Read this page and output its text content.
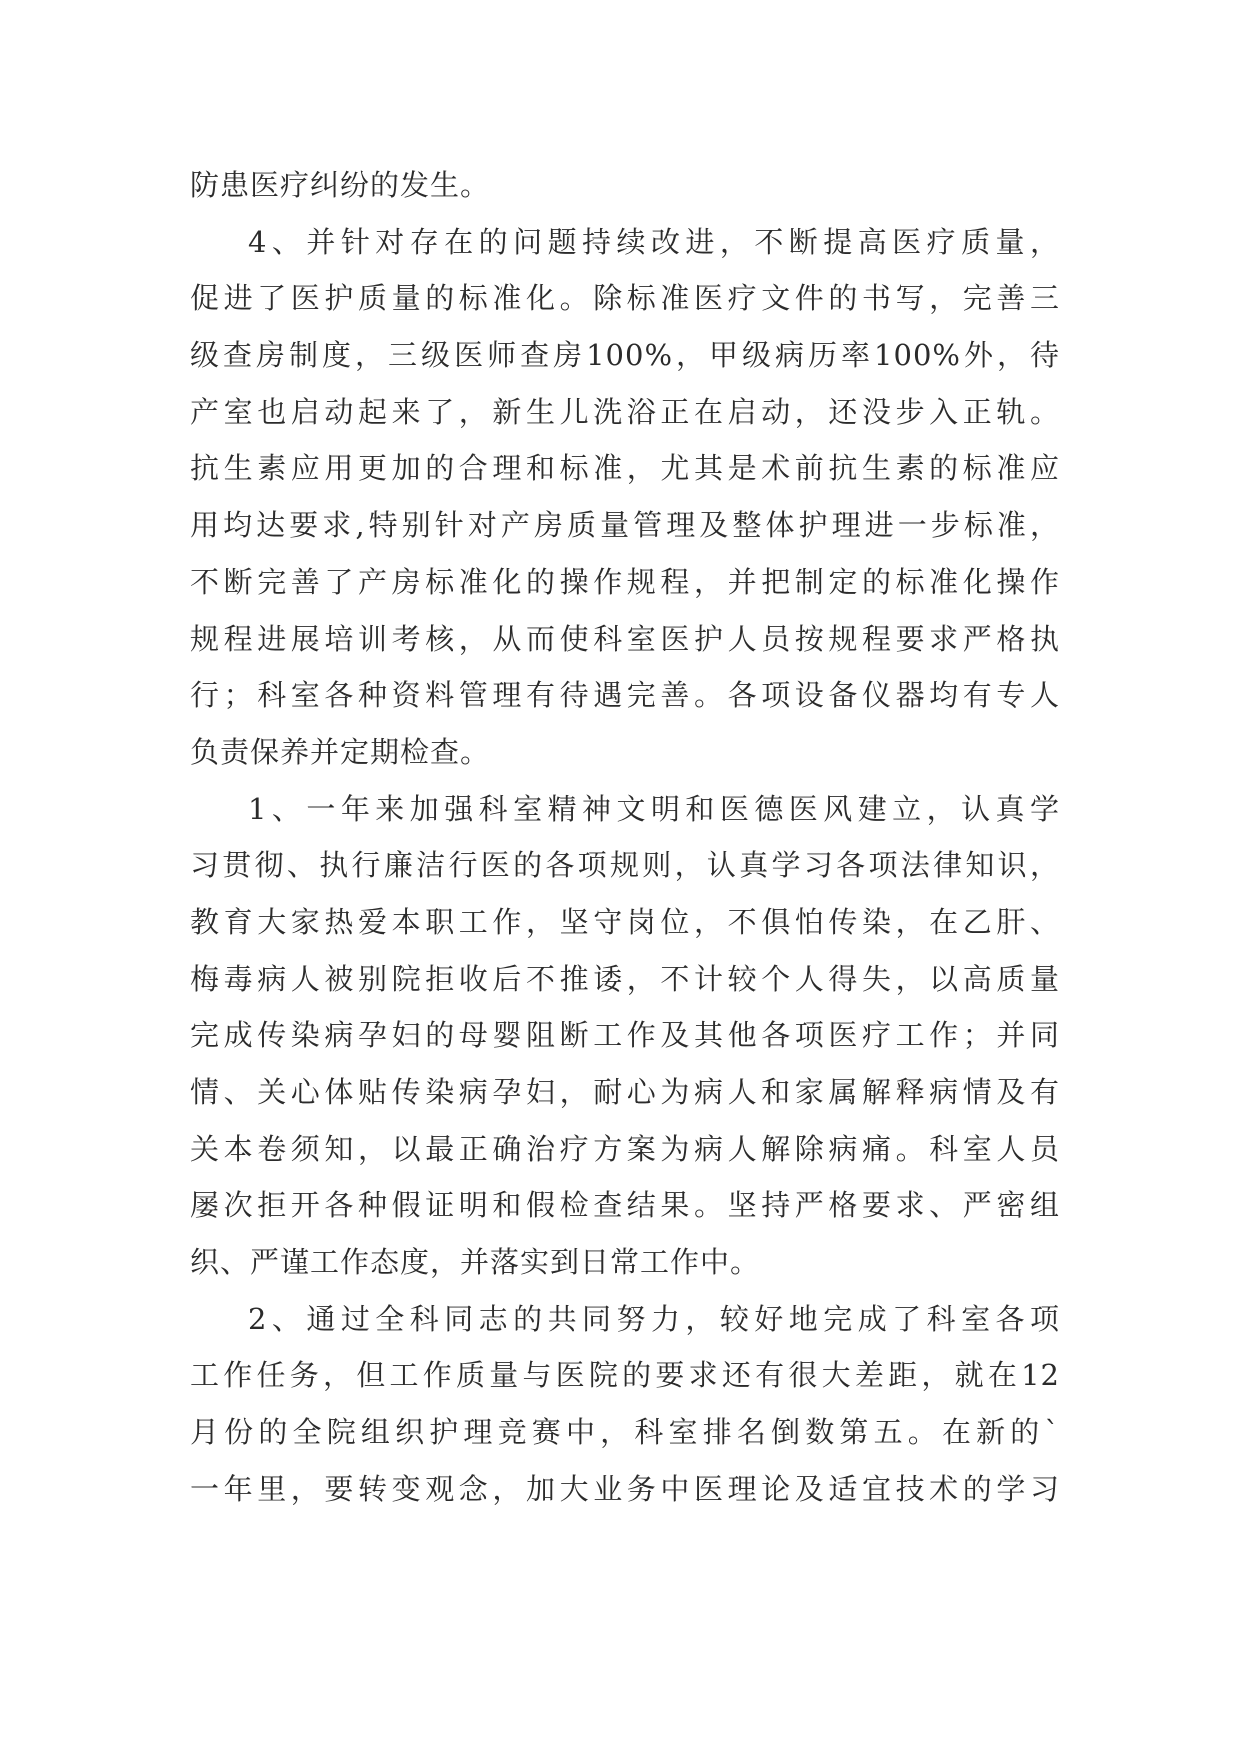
防患医疗纠纷的发生。
4、并针对存在的问题持续改进，不断提高医疗质量，
促进了医护质量的标准化。除标准医疗文件的书写，完善三
级查房制度，三级医师查房100%，甲级病历率100%外，待
产室也启动起来了，新生儿洗浴正在启动，还没步入正轨。
抗生素应用更加的合理和标准，尤其是术前抗生素的标准应
用均达要求,特别针对产房质量管理及整体护理进一步标准，
不断完善了产房标准化的操作规程，并把制定的标准化操作
规程进展培训考核，从而使科室医护人员按规程要求严格执
行；科室各种资料管理有待遇完善。各项设备仪器均有专人
负责保养并定期检查。
1、一年来加强科室精神文明和医德医风建立，认真学
习贯彻、执行廉洁行医的各项规则，认真学习各项法律知识，
教育大家热爱本职工作，坚守岗位，不俱怕传染，在乙肝、
梅毒病人被别院拒收后不推诿，不计较个人得失，以高质量
完成传染病孕妇的母婴阻断工作及其他各项医疗工作；并同
情、关心体贴传染病孕妇，耐心为病人和家属解释病情及有
关本卷须知，以最正确治疗方案为病人解除病痛。科室人员
屡次拒开各种假证明和假检查结果。坚持严格要求、严密组
织、严谨工作态度，并落实到日常工作中。
2、通过全科同志的共同努力，较好地完成了科室各项
工作任务，但工作质量与医院的要求还有很大差距，就在12
月份的全院组织护理竞赛中，科室排名倒数第五。在新的`
一年里，要转变观念，加大业务中医理论及适宜技术的学习
